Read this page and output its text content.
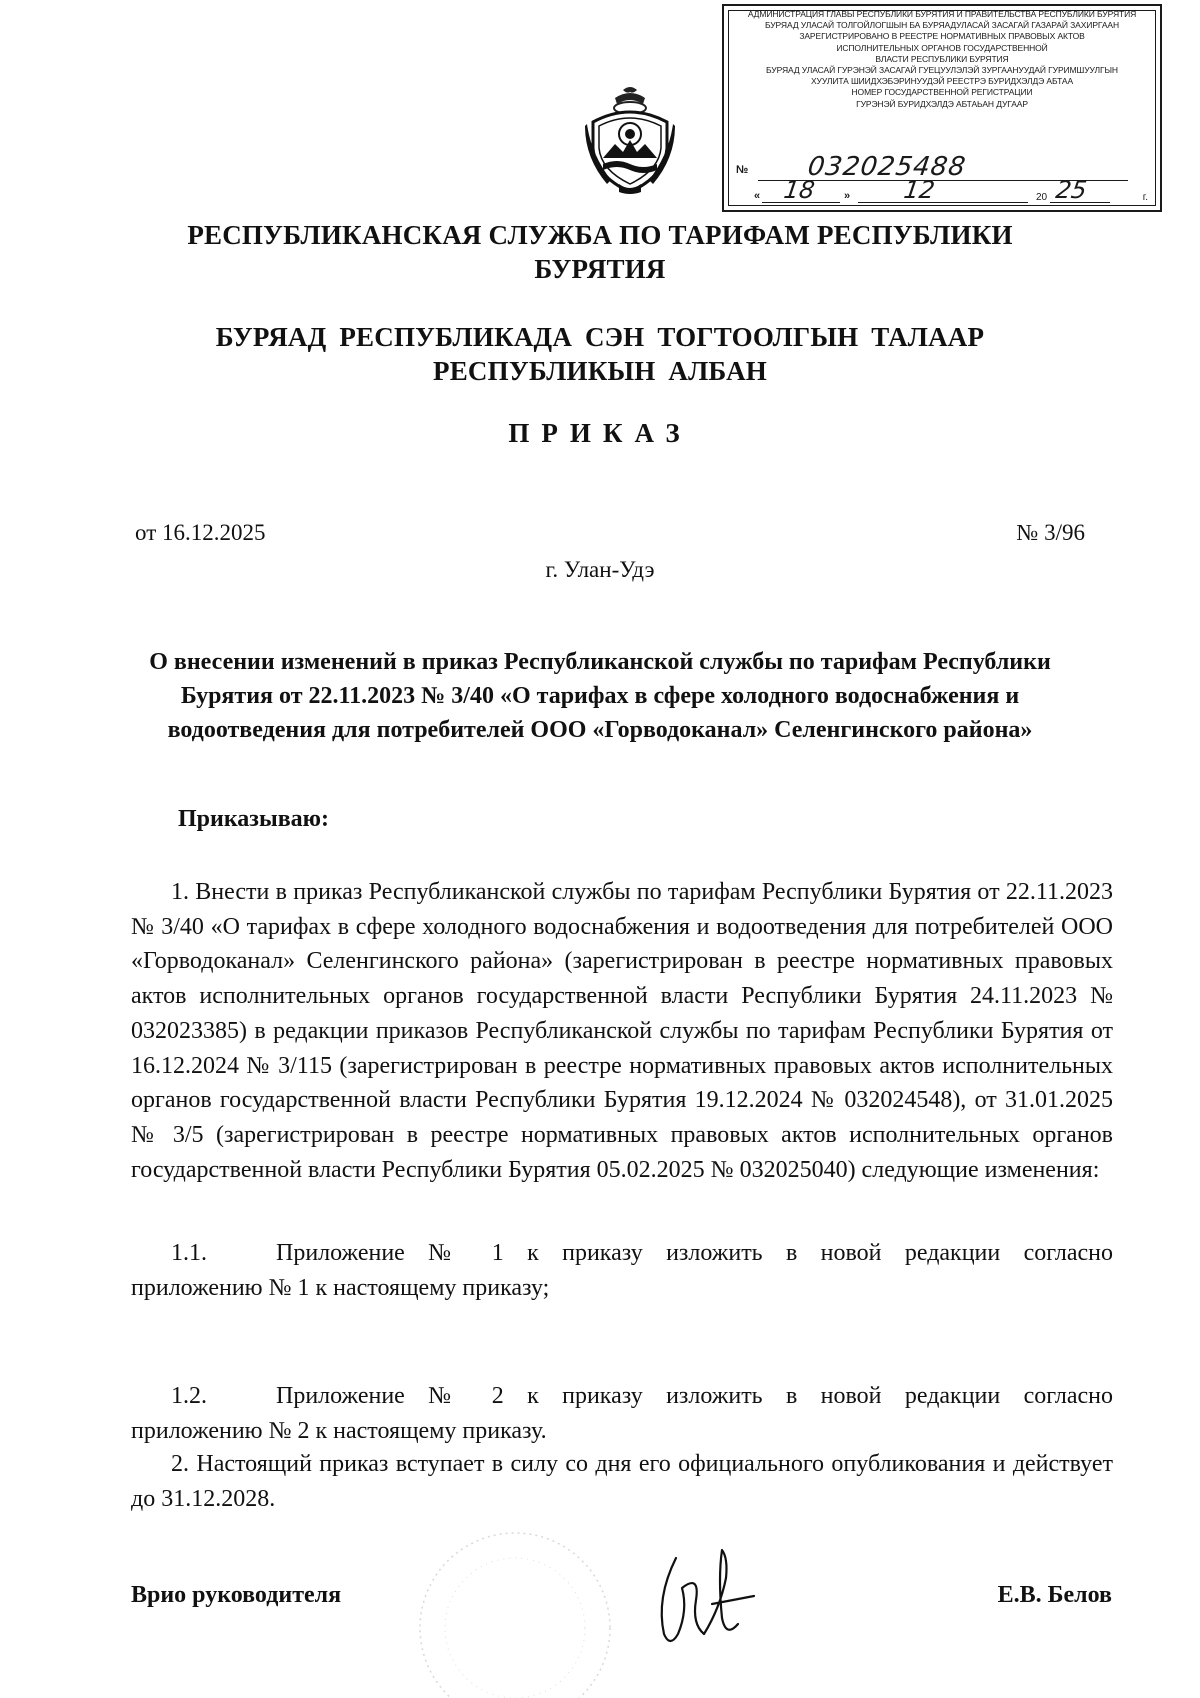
АДМИНИСТРАЦИЯ ГЛАВЫ РЕСПУБЛИКИ БУРЯТИЯ И ПРАВИТЕЛЬСТВА РЕСПУБЛИКИ БУРЯТИЯ
БУРЯАД УЛАСАЙ ТОЛГОЙЛОГШЫН БА БУРЯАДУЛАСАЙ ЗАСАГАЙ ГАЗАРАЙ ЗАХИРГААН
ЗАРЕГИСТРИРОВАНО В РЕЕСТРЕ НОРМАТИВНЫХ ПРАВОВЫХ АКТОВ
ИСПОЛНИТЕЛЬНЫХ ОРГАНОВ ГОСУДАРСТВЕННОЙ
ВЛАСТИ РЕСПУБЛИКИ БУРЯТИЯ
БУРЯАД УЛАСАЙ ГУРЭНЭЙ ЗАСАГАЙ ГУЕЦУУЛЭЛЭЙ ЗУРГААНУУДАЙ ГУРИМШУУЛГЫН
ХУУЛИТА ШИИДХЭБЭРИНУУДЭЙ РЕЕСТРЭ БУРИДХЭЛДЭ АБТАА
НОМЕР ГОСУДАРСТВЕННОЙ РЕГИСТРАЦИИ
ГУРЭНЭЙ БУРИДХЭЛДЭ АБТАЬАН ДУГААР
№ 032025488
« 18 » 12	20 25	г.
РЕСПУБЛИКАНСКАЯ СЛУЖБА ПО ТАРИФАМ РЕСПУБЛИКИ БУРЯТИЯ
БУРЯАД РЕСПУБЛИКАДА СЭН ТОГТООЛГЫН ТАЛААР РЕСПУБЛИКЫН АЛБАН
ПРИКАЗ
от 16.12.2025	№ 3/96
г. Улан-Удэ
О внесении изменений в приказ Республиканской службы по тарифам Республики Бурятия от 22.11.2023 № 3/40 «О тарифах в сфере холодного водоснабжения и водоотведения для потребителей ООО «Горводоканал» Селенгинского района»
Приказываю:

1. Внести в приказ Республиканской службы по тарифам Республики Бурятия от 22.11.2023 № 3/40 «О тарифах в сфере холодного водоснабжения и водоотведения для потребителей ООО «Горводоканал» Селенгинского района» (зарегистрирован в реестре нормативных правовых актов исполнительных органов государственной власти Республики Бурятия 24.11.2023 № 032023385) в редакции приказов Республиканской службы по тарифам Республики Бурятия от 16.12.2024 № 3/115 (зарегистрирован в реестре нормативных правовых актов исполнительных органов государственной власти Республики Бурятия 19.12.2024 № 032024548), от 31.01.2025 № 3/5 (зарегистрирован в реестре нормативных правовых актов исполнительных органов государственной власти Республики Бурятия 05.02.2025 № 032025040) следующие изменения:

1.1.	Приложение № 1 к приказу изложить в новой редакции согласно

приложению № 1 к настоящему приказу;

1.2.	Приложение № 2 к приказу изложить в новой редакции согласно

приложению № 2 к настоящему приказу.

2. Настоящий приказ вступает в силу со дня его официального опубликования и действует до 31.12.2028.

Врио руководителя	Е.В. Белов
